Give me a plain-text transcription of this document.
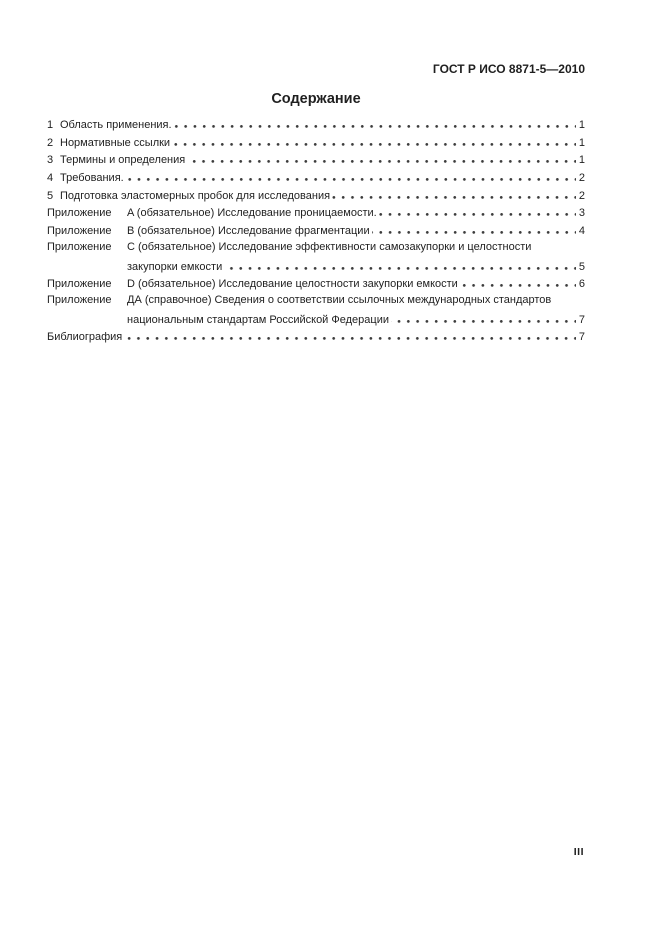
ГОСТ Р ИСО 8871-5—2010
Содержание
1 Область применения.	1
2 Нормативные ссылки	1
3 Термины и определения	1
4 Требования.	2
5 Подготовка эластомерных пробок для исследования	2
Приложение	A (обязательное) Исследование проницаемости.	3
Приложение	B (обязательное) Исследование фрагментации	4
Приложение	C (обязательное) Исследование эффективности самозакупорки и целостности
закупорки емкости	5
Приложение	D (обязательное) Исследование целостности закупорки емкости	6
Приложение	ДА (справочное) Сведения о соответствии ссылочных международных стандартов
национальным стандартам Российской Федерации	7
Библиография	7
III
